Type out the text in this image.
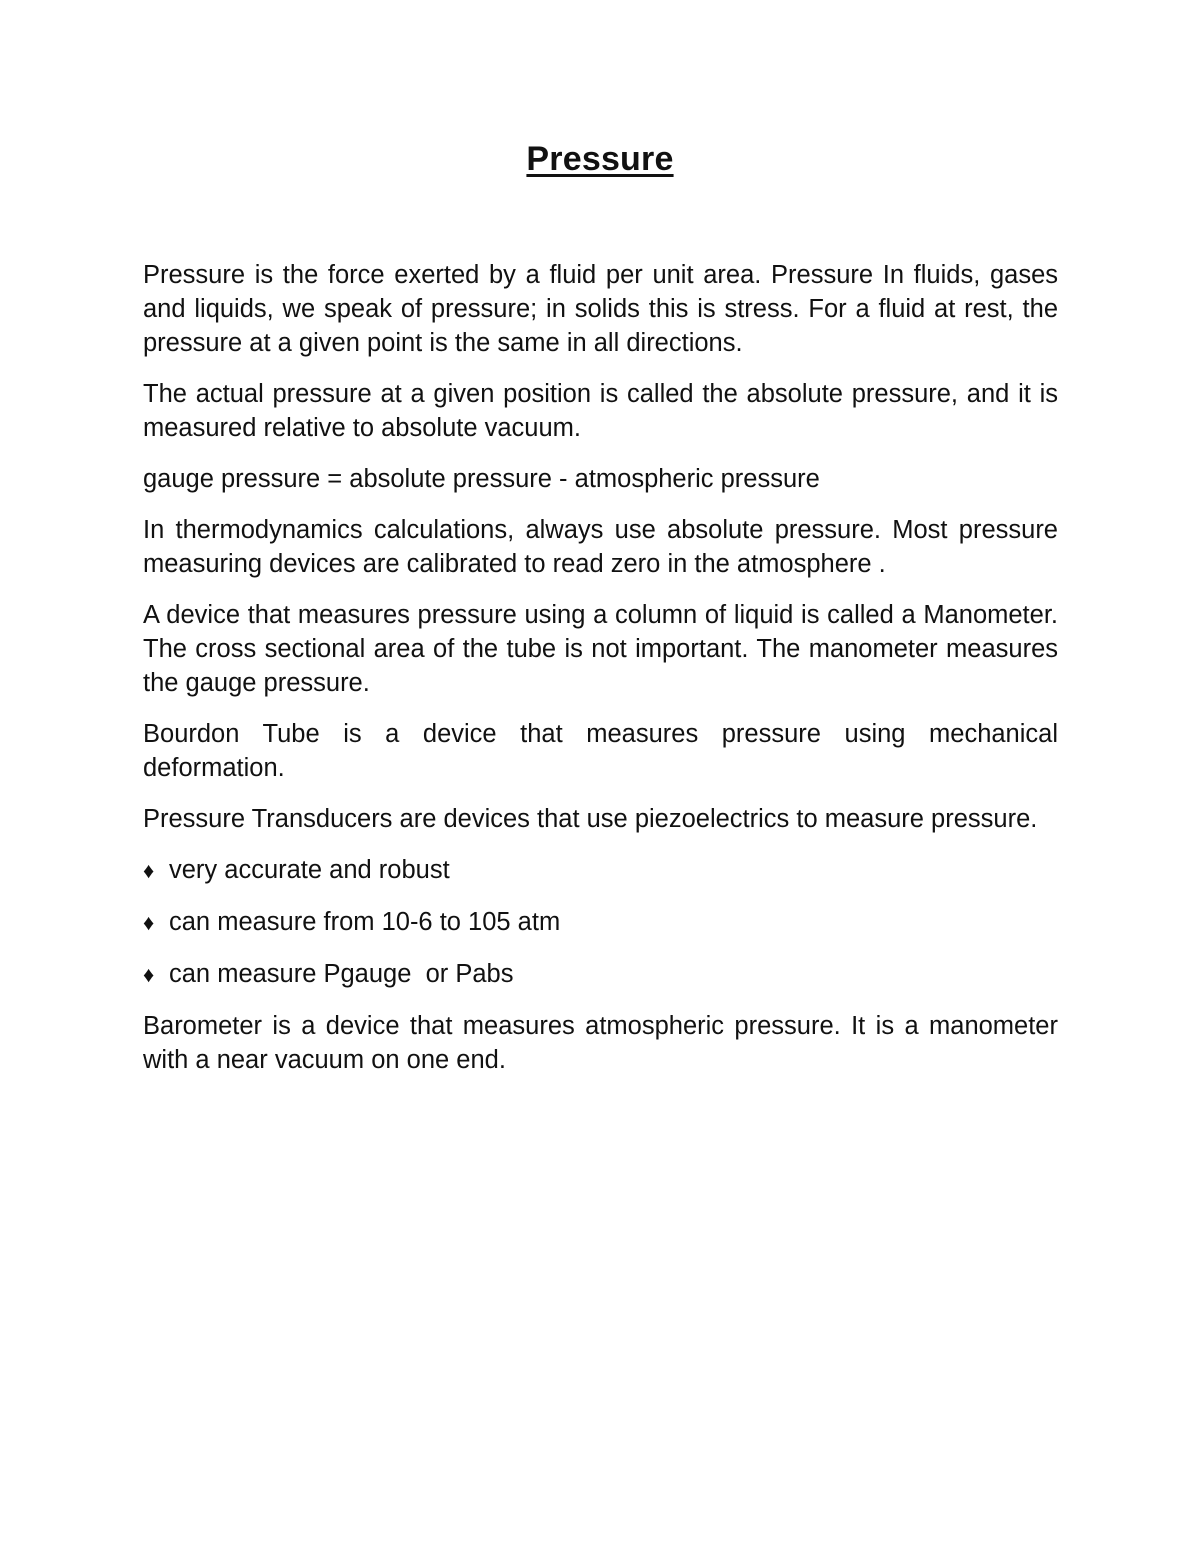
Pressure

Pressure is the force exerted by a fluid per unit area. Pressure In fluids, gases and liquids, we speak of pressure; in solids this is stress. For a fluid at rest, the pressure at a given point is the same in all directions.

The actual pressure at a given position is called the absolute pressure, and it is measured relative to absolute vacuum.

gauge pressure = absolute pressure - atmospheric pressure

In thermodynamics calculations, always use absolute pressure. Most pressure measuring devices are calibrated to read zero in the atmosphere .

A device that measures pressure using a column of liquid is called a Manometer. The cross sectional area of the tube is not important. The manometer measures the gauge pressure.

Bourdon Tube is a device that measures pressure using mechanical deformation.

Pressure Transducers are devices that use piezoelectrics to measure pressure.

♦ very accurate and robust

♦ can measure from 10-6 to 105 atm

♦ can measure Pgauge  or Pabs

Barometer is a device that measures atmospheric pressure. It is a manometer with a near vacuum on one end.
